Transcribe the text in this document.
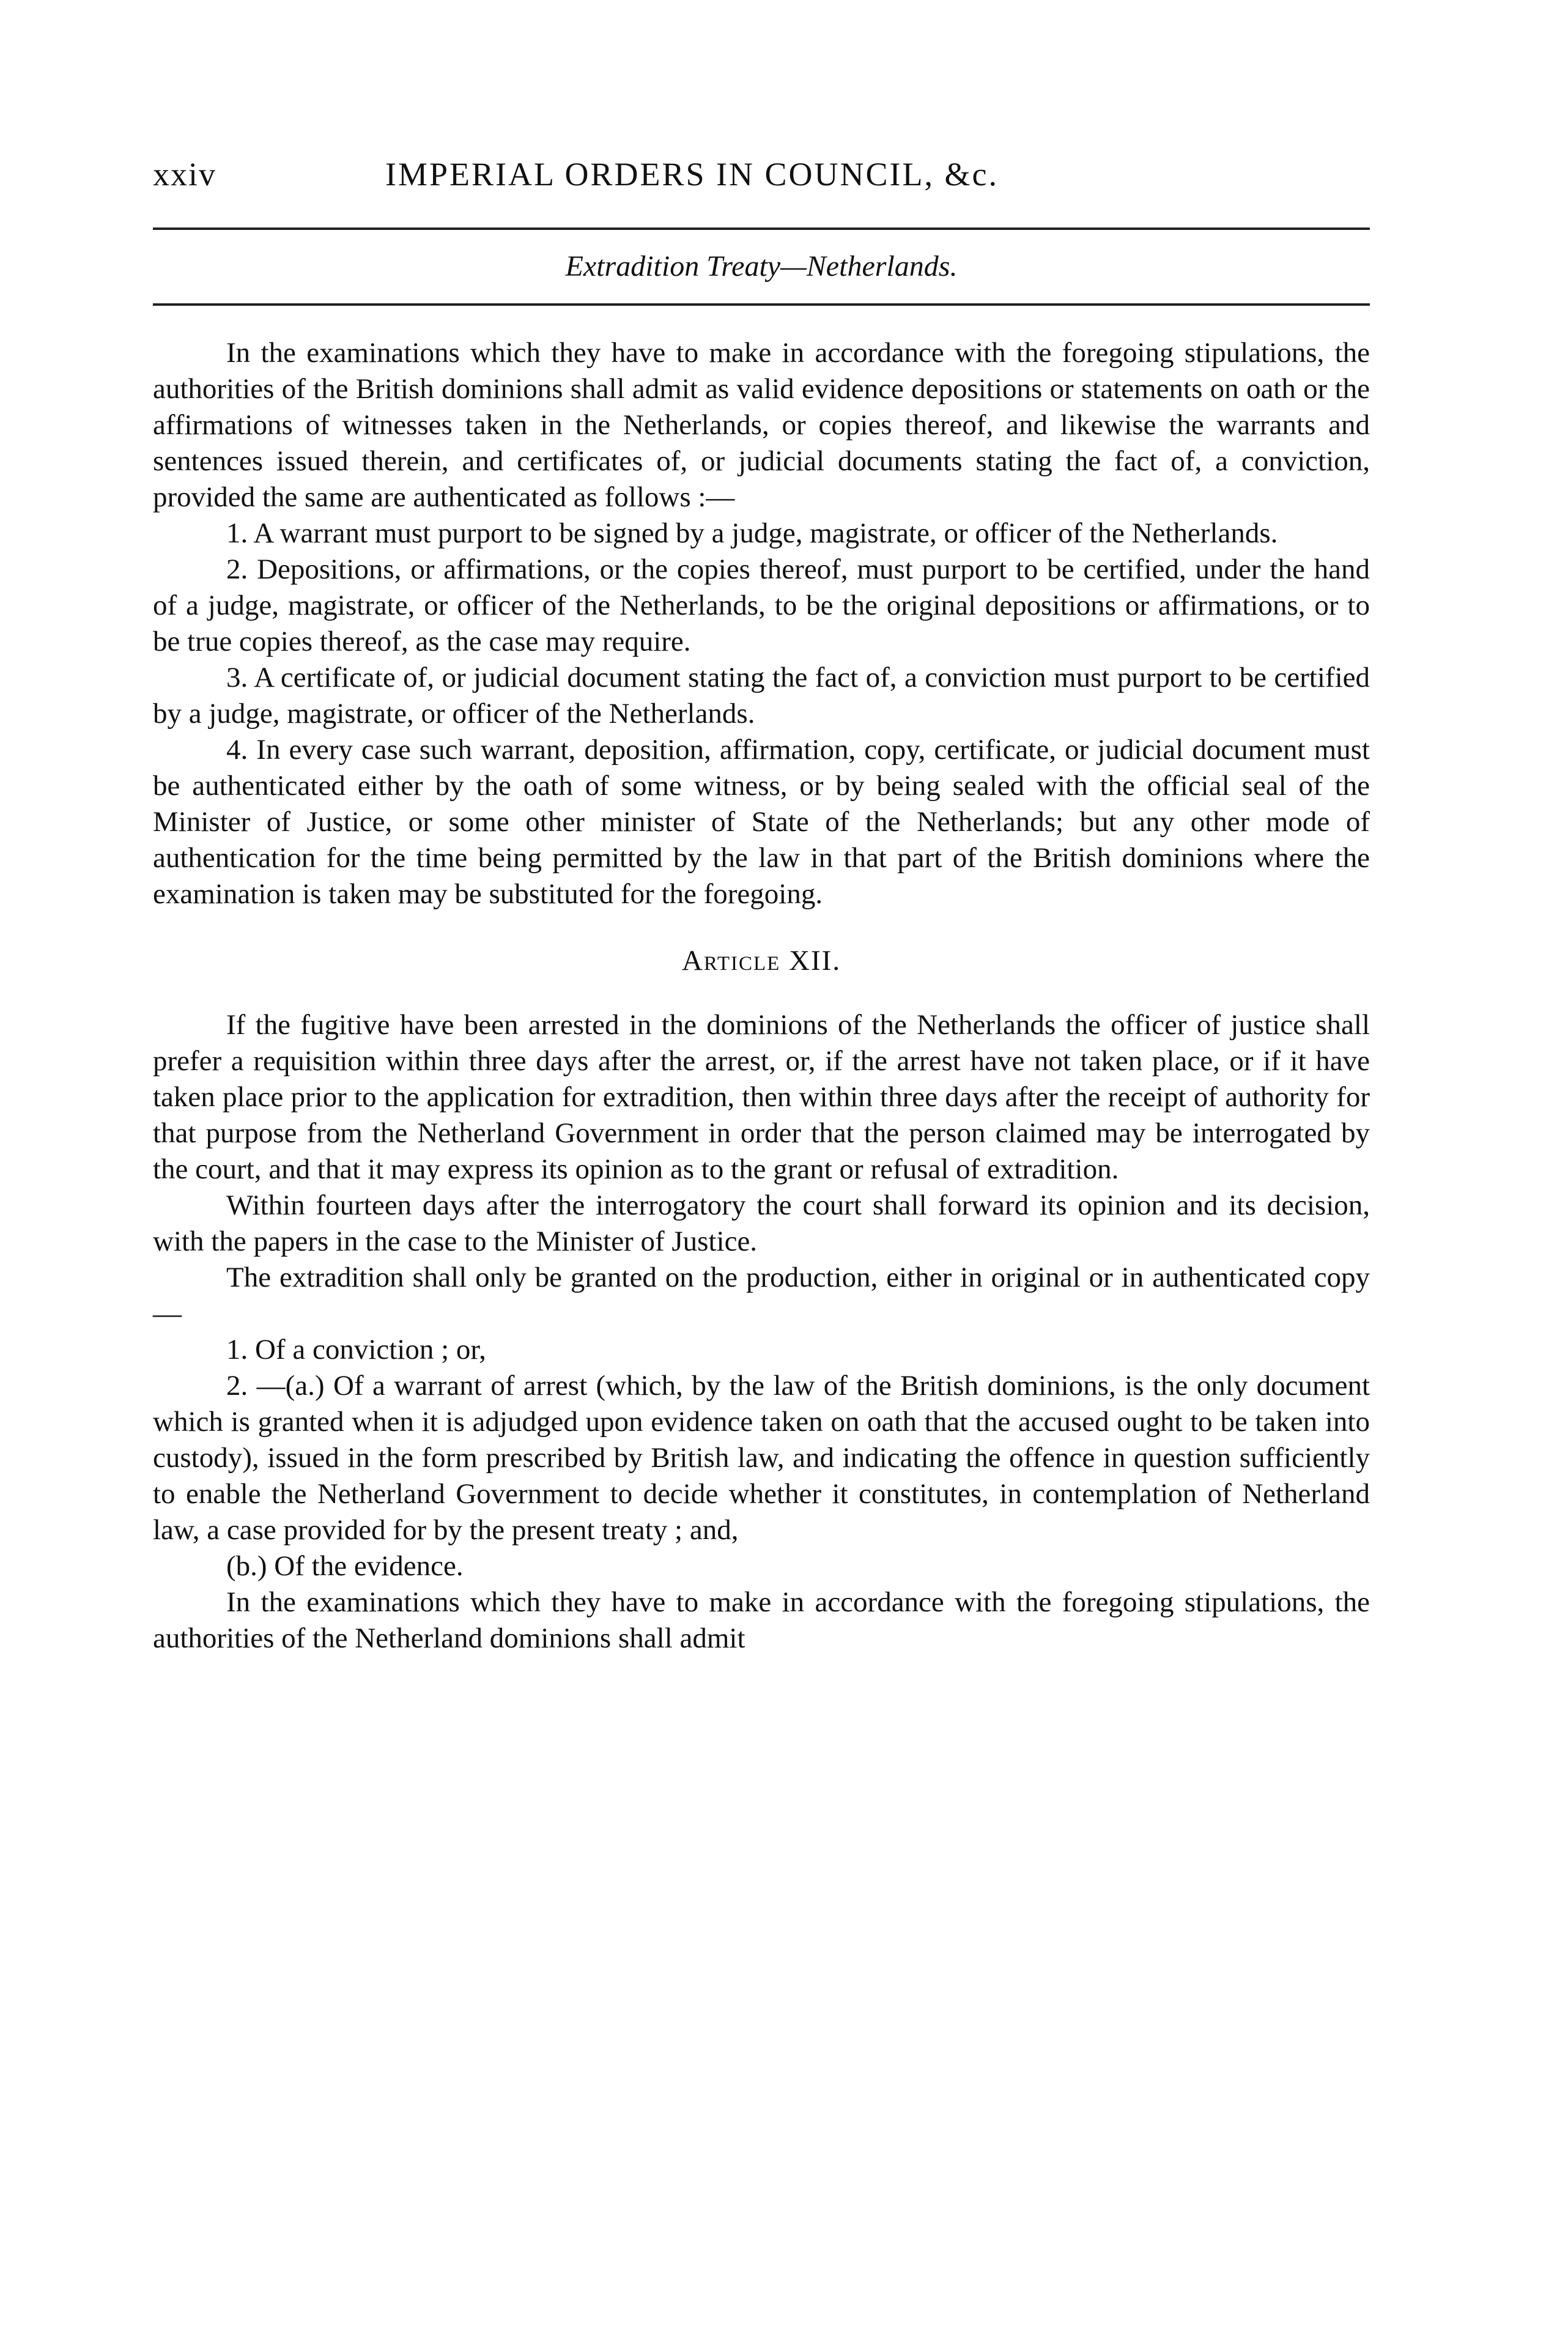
xxiv	IMPERIAL ORDERS IN COUNCIL, &c.
Extradition Treaty—Netherlands.

In the examinations which they have to make in accordance with the foregoing stipulations, the authorities of the British dominions shall admit as valid evidence depositions or statements on oath or the affirmations of witnesses taken in the Netherlands, or copies thereof, and likewise the warrants and sentences issued therein, and certificates of, or judicial documents stating the fact of, a conviction, provided the same are authenticated as follows :—

1. A warrant must purport to be signed by a judge, magistrate, or officer of the Netherlands.

2. Depositions, or affirmations, or the copies thereof, must purport to be certified, under the hand of a judge, magistrate, or officer of the Netherlands, to be the original depositions or affirmations, or to be true copies thereof, as the case may require.

3. A certificate of, or judicial document stating the fact of, a conviction must purport to be certified by a judge, magistrate, or officer of the Netherlands.

4. In every case such warrant, deposition, affirmation, copy, certificate, or judicial document must be authenticated either by the oath of some witness, or by being sealed with the official seal of the Minister of Justice, or some other minister of State of the Netherlands; but any other mode of authentication for the time being permitted by the law in that part of the British dominions where the examination is taken may be substituted for the foregoing.

Article XII.

If the fugitive have been arrested in the dominions of the Netherlands the officer of justice shall prefer a requisition within three days after the arrest, or, if the arrest have not taken place, or if it have taken place prior to the application for extradition, then within three days after the receipt of authority for that purpose from the Netherland Government in order that the person claimed may be interrogated by the court, and that it may express its opinion as to the grant or refusal of extradition.

Within fourteen days after the interrogatory the court shall forward its opinion and its decision, with the papers in the case to the Minister of Justice.

The extradition shall only be granted on the production, either in original or in authenticated copy—

1. Of a conviction ; or,

2. —(a.) Of a warrant of arrest (which, by the law of the British dominions, is the only document which is granted when it is adjudged upon evidence taken on oath that the accused ought to be taken into custody), issued in the form prescribed by British law, and indicating the offence in question sufficiently to enable the Netherland Government to decide whether it constitutes, in contemplation of Netherland law, a case provided for by the present treaty ; and,

(b.) Of the evidence.

In the examinations which they have to make in accordance with the foregoing stipulations, the authorities of the Netherland dominions shall admit
